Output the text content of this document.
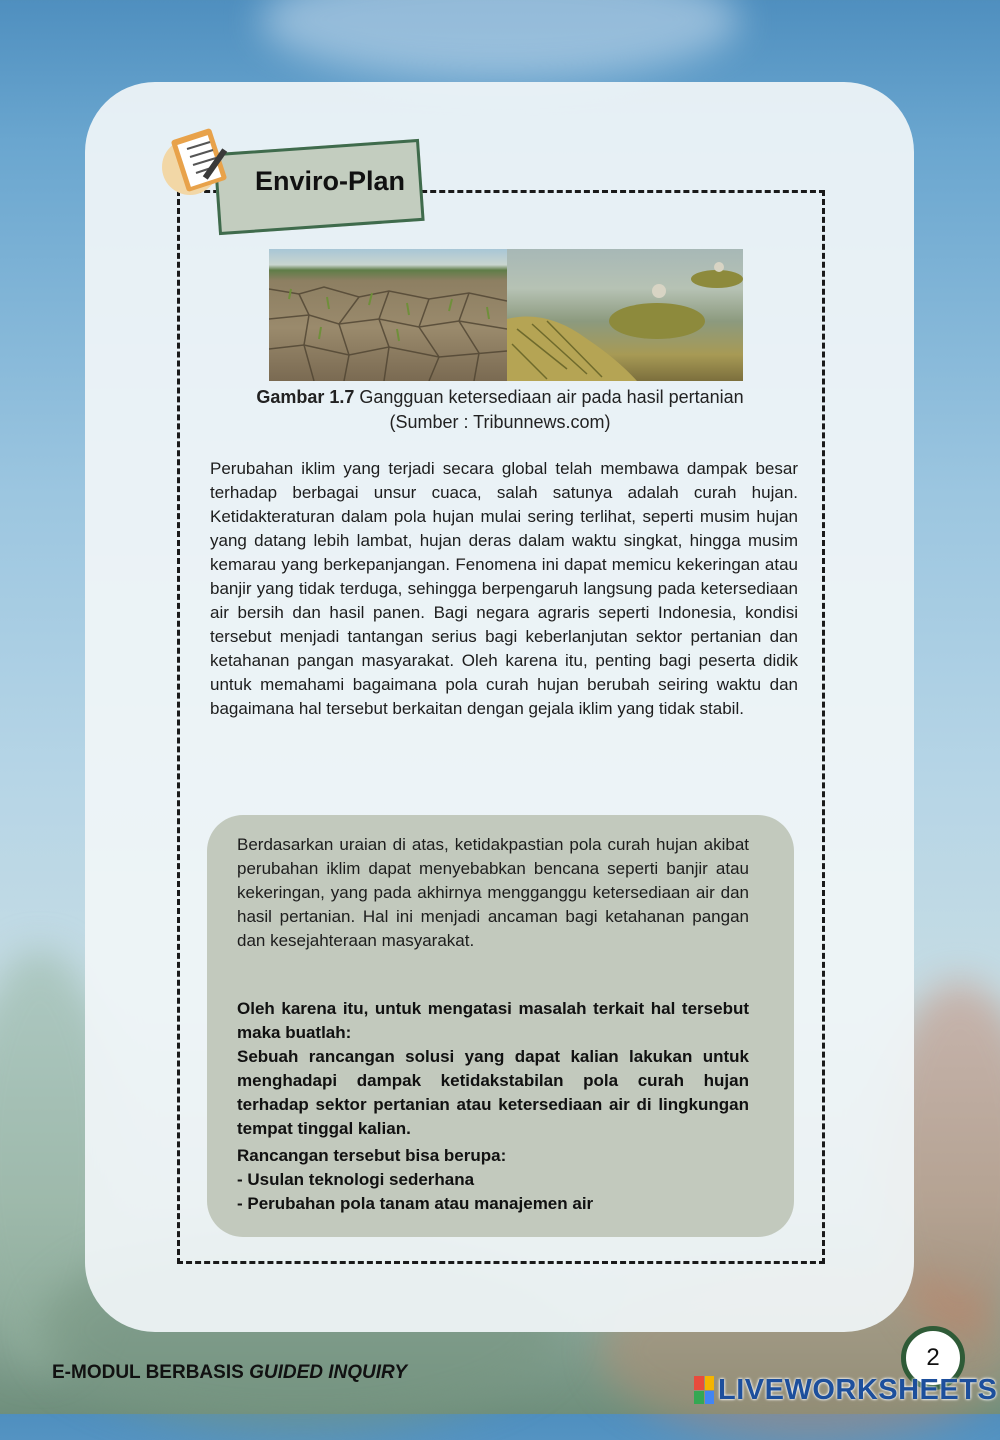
Enviro-Plan
Gambar 1.7 Gangguan ketersediaan air pada hasil pertanian
(Sumber : Tribunnews.com)

Perubahan iklim yang terjadi secara global telah membawa dampak besar terhadap berbagai unsur cuaca, salah satunya adalah curah hujan. Ketidakteraturan dalam pola hujan mulai sering terlihat, seperti musim hujan yang datang lebih lambat, hujan deras dalam waktu singkat, hingga musim kemarau yang berkepanjangan. Fenomena ini dapat memicu kekeringan atau banjir yang tidak terduga, sehingga berpengaruh langsung pada ketersediaan air bersih dan hasil panen. Bagi negara agraris seperti Indonesia, kondisi tersebut menjadi tantangan serius bagi keberlanjutan sektor pertanian dan ketahanan pangan masyarakat. Oleh karena itu, penting bagi peserta didik untuk memahami bagaimana pola curah hujan berubah seiring waktu dan bagaimana hal tersebut berkaitan dengan gejala iklim yang tidak stabil.

Berdasarkan uraian di atas, ketidakpastian pola curah hujan akibat perubahan iklim dapat menyebabkan bencana seperti banjir atau kekeringan, yang pada akhirnya mengganggu ketersediaan air dan hasil pertanian. Hal ini menjadi ancaman bagi ketahanan pangan dan kesejahteraan masyarakat.

Oleh karena itu, untuk mengatasi masalah terkait hal tersebut maka buatlah:
Sebuah rancangan solusi yang dapat kalian lakukan untuk menghadapi dampak ketidakstabilan pola curah hujan terhadap sektor pertanian atau ketersediaan air di lingkungan tempat tinggal kalian.
Rancangan tersebut bisa berupa:
- Usulan teknologi sederhana
- Perubahan pola tanam atau manajemen air
E-MODUL BERBASIS GUIDED INQUIRY
2
LIVEWORKSHEETS
